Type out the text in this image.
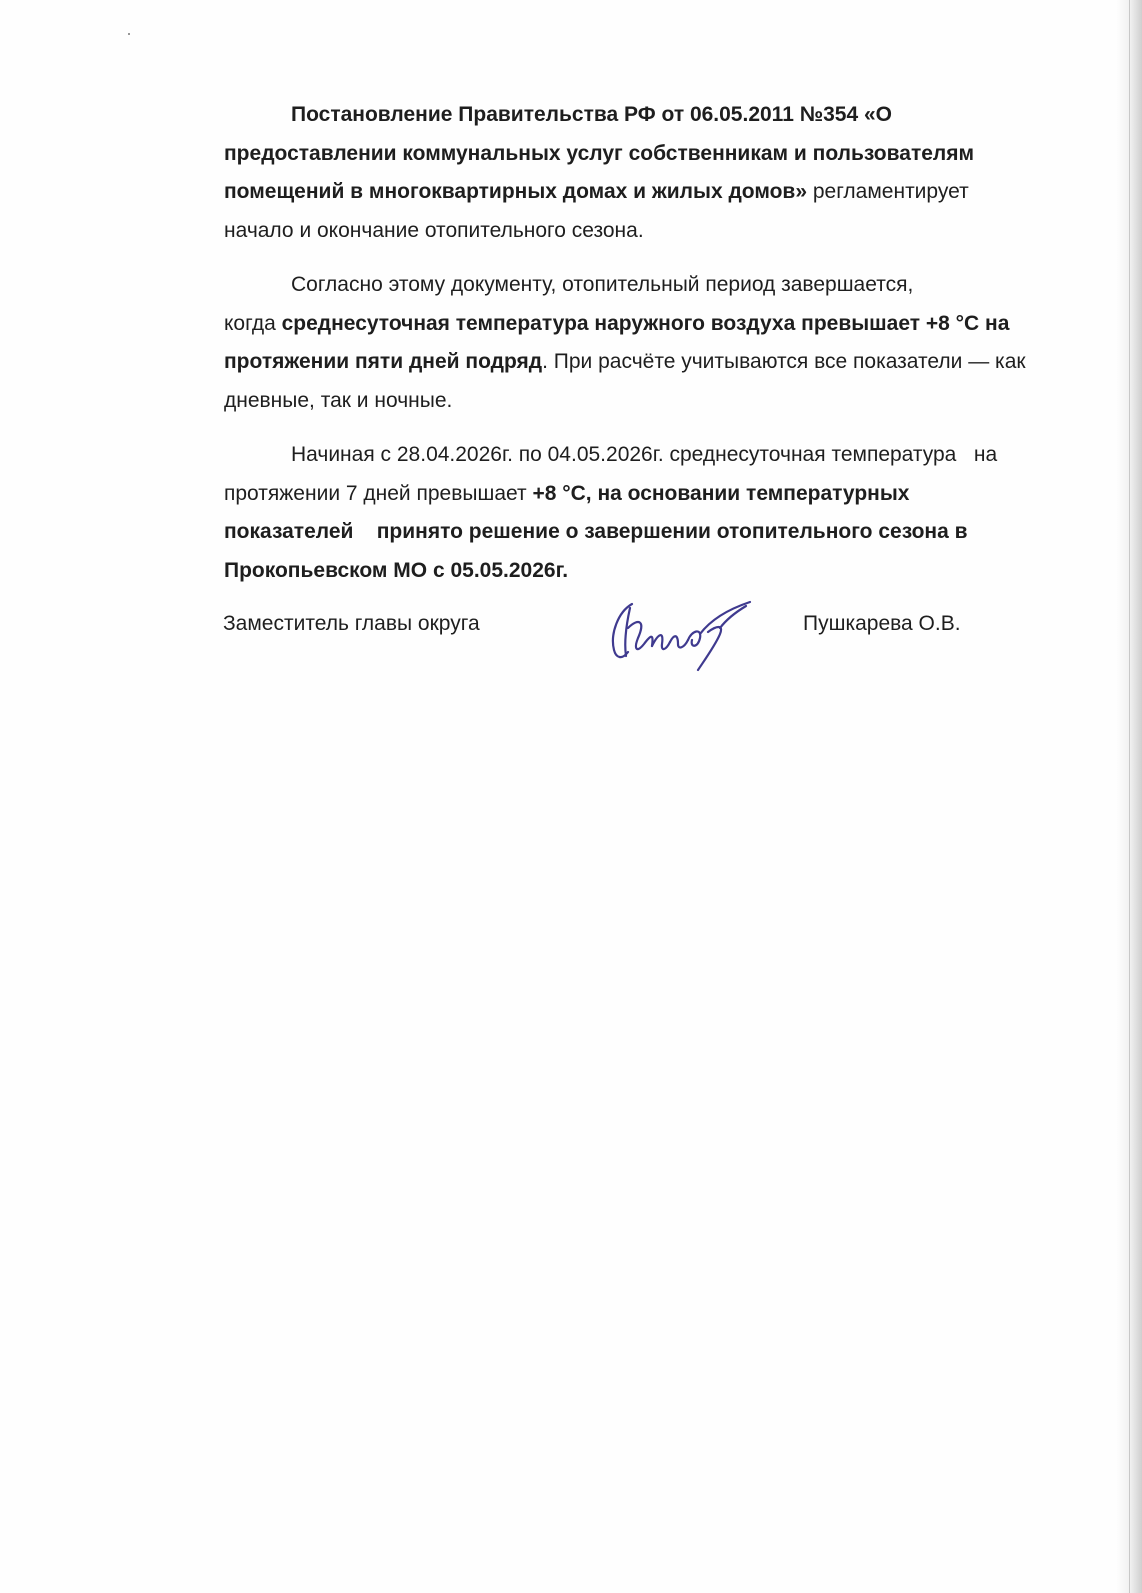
Постановление Правительства РФ от 06.05.2011 №354 «О
предоставлении коммунальных услуг собственникам и пользователям
помещений в многоквартирных домах и жилых домов» регламентирует
начало и окончание отопительного сезона.

Согласно этому документу, отопительный период завершается,
когда среднесуточная температура наружного воздуха превышает +8 °С на
протяжении пяти дней подряд. При расчёте учитываются все показатели — как
дневные, так и ночные.

Начиная с 28.04.2026г. по 04.05.2026г. среднесуточная температура   на
протяжении 7 дней превышает +8 °С, на основании температурных
показателей    принято решение о завершении отопительного сезона в
Прокопьевском МО с 05.05.2026г.

Заместитель главы округа	Пушкарева О.В.
